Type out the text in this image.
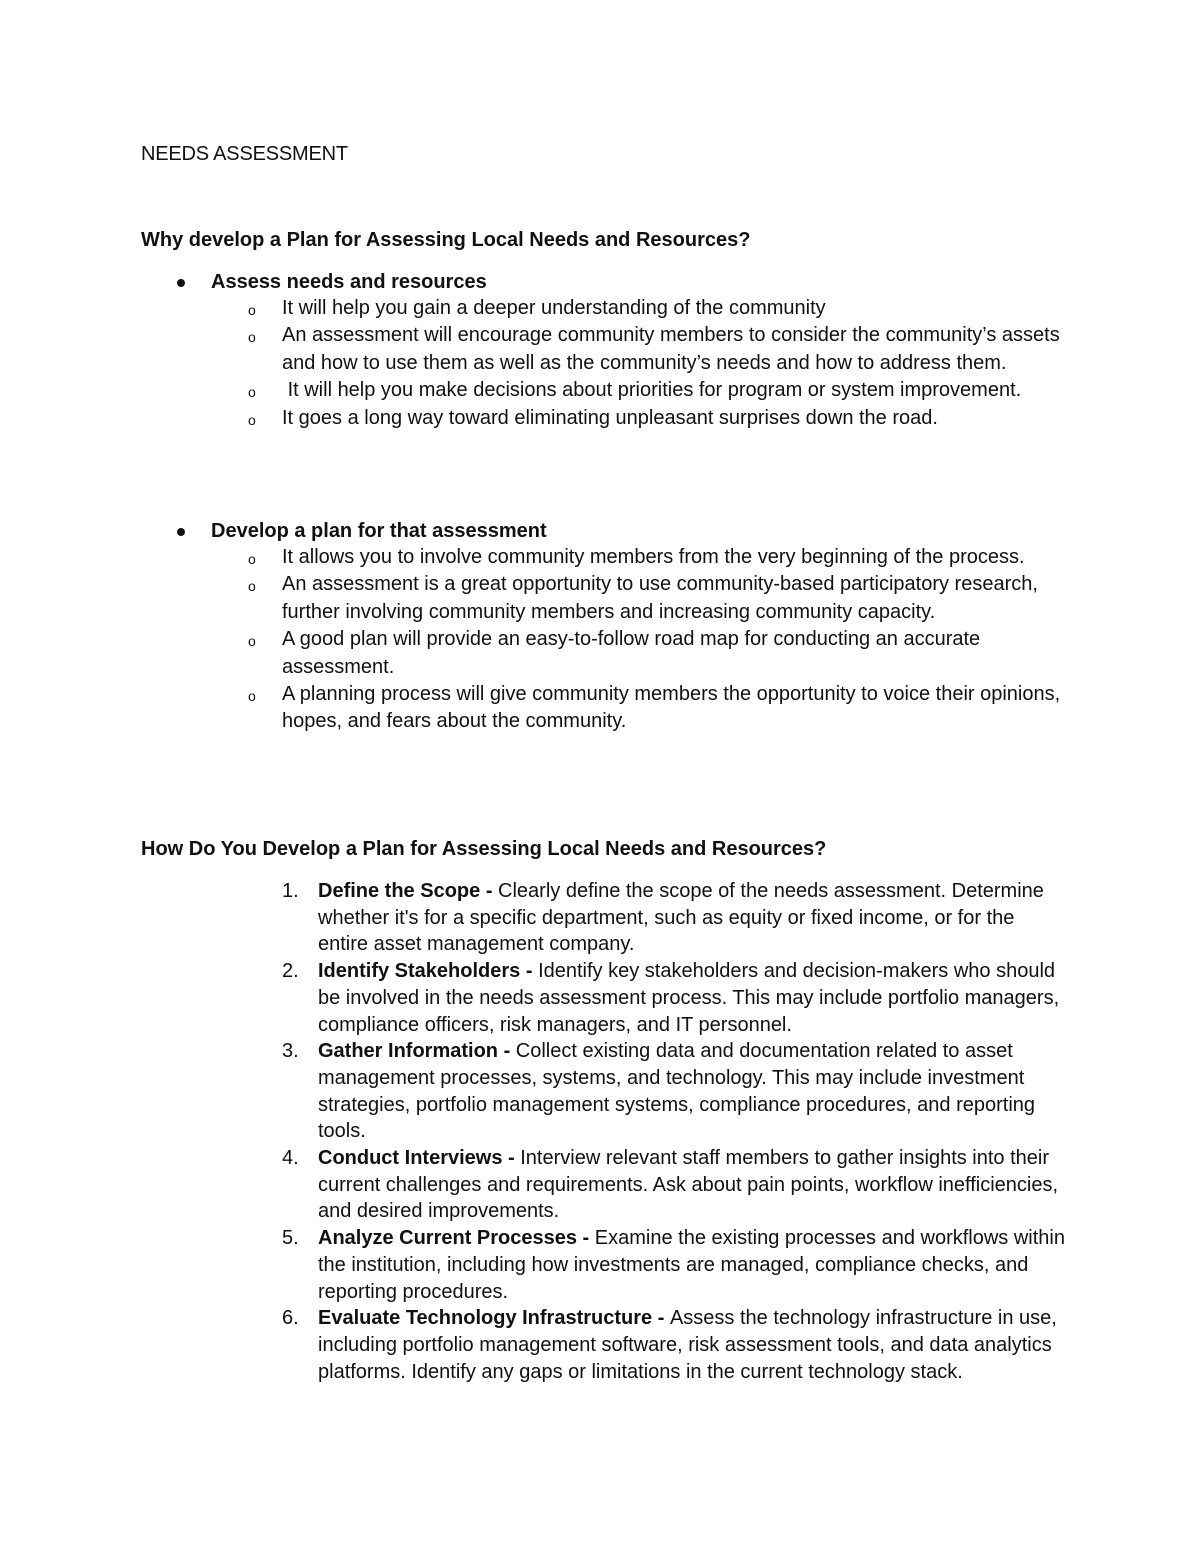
NEEDS ASSESSMENT
Why develop a Plan for Assessing Local Needs and Resources?
Assess needs and resources
o It will help you gain a deeper understanding of the community
o An assessment will encourage community members to consider the community’s assets and how to use them as well as the community’s needs and how to address them.
o It will help you make decisions about priorities for program or system improvement.
o It goes a long way toward eliminating unpleasant surprises down the road.
Develop a plan for that assessment
o It allows you to involve community members from the very beginning of the process.
o An assessment is a great opportunity to use community-based participatory research, further involving community members and increasing community capacity.
o A good plan will provide an easy-to-follow road map for conducting an accurate assessment.
o A planning process will give community members the opportunity to voice their opinions, hopes, and fears about the community.
How Do You Develop a Plan for Assessing Local Needs and Resources?
1. Define the Scope - Clearly define the scope of the needs assessment. Determine whether it's for a specific department, such as equity or fixed income, or for the entire asset management company.
2. Identify Stakeholders - Identify key stakeholders and decision-makers who should be involved in the needs assessment process. This may include portfolio managers, compliance officers, risk managers, and IT personnel.
3. Gather Information - Collect existing data and documentation related to asset management processes, systems, and technology. This may include investment strategies, portfolio management systems, compliance procedures, and reporting tools.
4. Conduct Interviews - Interview relevant staff members to gather insights into their current challenges and requirements. Ask about pain points, workflow inefficiencies, and desired improvements.
5. Analyze Current Processes - Examine the existing processes and workflows within the institution, including how investments are managed, compliance checks, and reporting procedures.
6. Evaluate Technology Infrastructure - Assess the technology infrastructure in use, including portfolio management software, risk assessment tools, and data analytics platforms. Identify any gaps or limitations in the current technology stack.
